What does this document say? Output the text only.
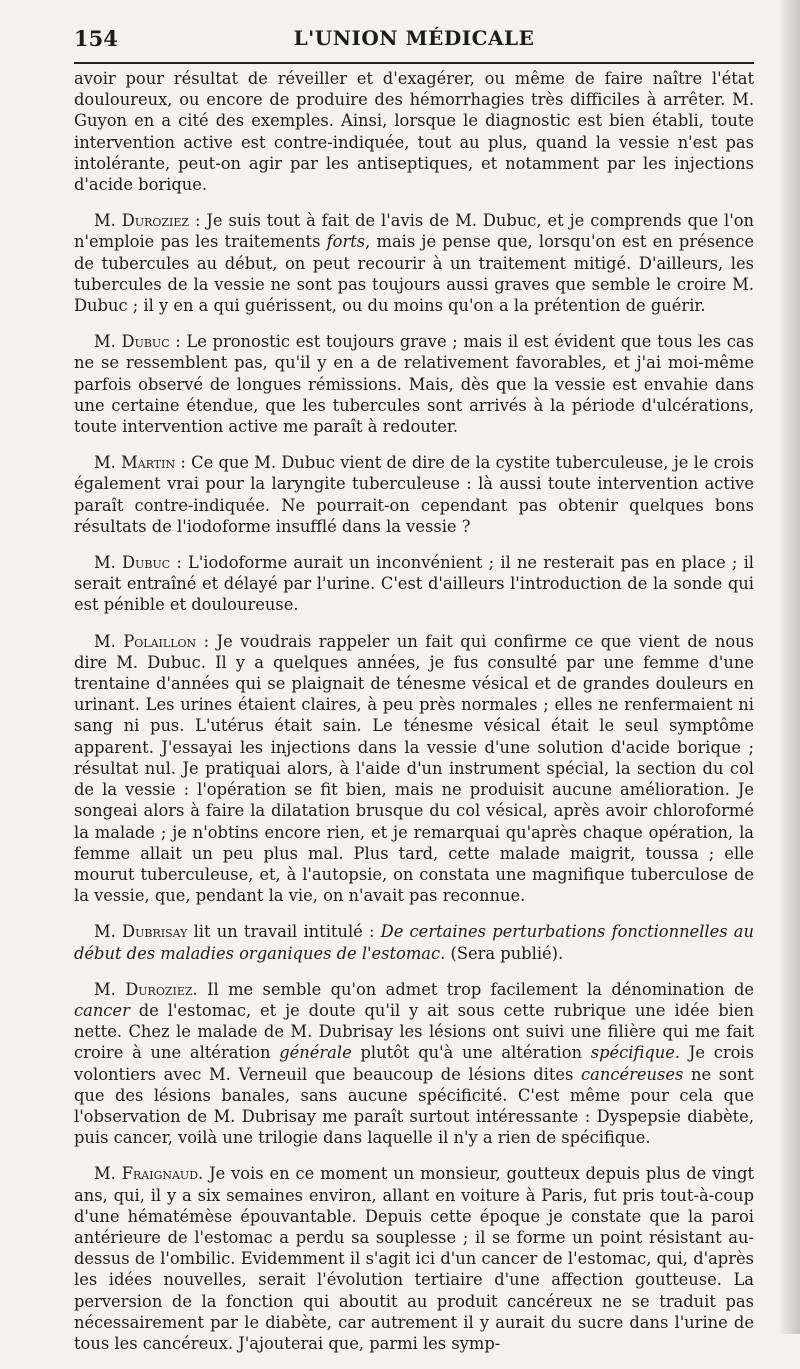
154	L'UNION MÉDICALE

avoir pour résultat de réveiller et d'exagérer, ou même de faire naître l'état douloureux, ou encore de produire des hémorrhagies très difficiles à arrêter. M. Guyon en a cité des exemples. Ainsi, lorsque le diagnostic est bien établi, toute intervention active est contre-indiquée, tout au plus, quand la vessie n'est pas intolérante, peut-on agir par les antiseptiques, et notamment par les injections d'acide borique.

M. Duroziez : Je suis tout à fait de l'avis de M. Dubuc, et je comprends que l'on n'emploie pas les traitements forts, mais je pense que, lorsqu'on est en présence de tubercules au début, on peut recourir à un traitement mitigé. D'ailleurs, les tubercules de la vessie ne sont pas toujours aussi graves que semble le croire M. Dubuc ; il y en a qui guérissent, ou du moins qu'on a la prétention de guérir.

M. Dubuc : Le pronostic est toujours grave ; mais il est évident que tous les cas ne se ressemblent pas, qu'il y en a de relativement favorables, et j'ai moi-même parfois observé de longues rémissions. Mais, dès que la vessie est envahie dans une certaine étendue, que les tubercules sont arrivés à la période d'ulcérations, toute intervention active me paraît à redouter.

M. Martin : Ce que M. Dubuc vient de dire de la cystite tuberculeuse, je le crois également vrai pour la laryngite tuberculeuse : là aussi toute intervention active paraît contre-indiquée. Ne pourrait-on cependant pas obtenir quelques bons résultats de l'iodoforme insufflé dans la vessie ?

M. Dubuc : L'iodoforme aurait un inconvénient ; il ne resterait pas en place ; il serait entraîné et délayé par l'urine. C'est d'ailleurs l'introduction de la sonde qui est pénible et douloureuse.

M. Polaillon : Je voudrais rappeler un fait qui confirme ce que vient de nous dire M. Dubuc. Il y a quelques années, je fus consulté par une femme d'une trentaine d'années qui se plaignait de ténesme vésical et de grandes douleurs en urinant. Les urines étaient claires, à peu près normales ; elles ne renfermaient ni sang ni pus. L'utérus était sain. Le ténesme vésical était le seul symptôme apparent. J'essayai les injections dans la vessie d'une solution d'acide borique ; résultat nul. Je pratiquai alors, à l'aide d'un instrument spécial, la section du col de la vessie : l'opération se fit bien, mais ne produisit aucune amélioration. Je songeai alors à faire la dilatation brusque du col vésical, après avoir chloroformé la malade ; je n'obtins encore rien, et je remarquai qu'après chaque opération, la femme allait un peu plus mal. Plus tard, cette malade maigrit, toussa ; elle mourut tuberculeuse, et, à l'autopsie, on constata une magnifique tuberculose de la vessie, que, pendant la vie, on n'avait pas reconnue.

M. Dubrisay lit un travail intitulé : De certaines perturbations fonctionnelles au début des maladies organiques de l'estomac. (Sera publié).

M. Duroziez. Il me semble qu'on admet trop facilement la dénomination de cancer de l'estomac, et je doute qu'il y ait sous cette rubrique une idée bien nette. Chez le malade de M. Dubrisay les lésions ont suivi une filière qui me fait croire à une altération générale plutôt qu'à une altération spécifique. Je crois volontiers avec M. Verneuil que beaucoup de lésions dites cancéreuses ne sont que des lésions banales, sans aucune spécificité. C'est même pour cela que l'observation de M. Dubrisay me paraît surtout intéressante : Dyspepsie diabète, puis cancer, voilà une trilogie dans laquelle il n'y a rien de spécifique.

M. Fraignaud. Je vois en ce moment un monsieur, goutteux depuis plus de vingt ans, qui, il y a six semaines environ, allant en voiture à Paris, fut pris tout-à-coup d'une hématémèse épouvantable. Depuis cette époque je constate que la paroi antérieure de l'estomac a perdu sa souplesse ; il se forme un point résistant au-dessus de l'ombilic. Evidemment il s'agit ici d'un cancer de l'estomac, qui, d'après les idées nouvelles, serait l'évolution tertiaire d'une affection goutteuse. La perversion de la fonction qui aboutit au produit cancéreux ne se traduit pas nécessairement par le diabète, car autrement il y aurait du sucre dans l'urine de tous les cancéreux. J'ajouterai que, parmi les symp-
